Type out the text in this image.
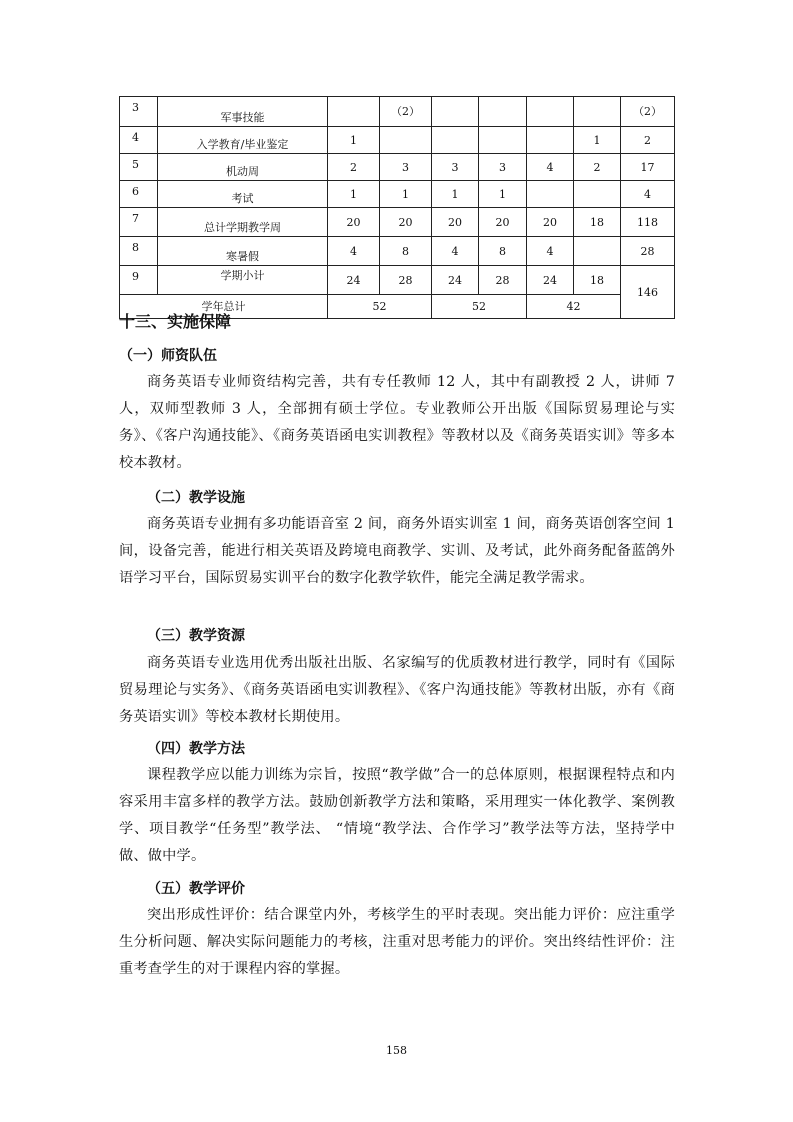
3	军事技能		（2）					（2）
4	入学教育/毕业鉴定	1					1	2
5	机动周	2	3	3	3	4	2	17
6	考试	1	1	1	1			4
7	总计学期教学周	20	20	20	20	20	18	118
8	寒暑假	4	8	4	8	4		28
9	学期小计	24	28	24	28	24	18	146
学年总计		52		52		42		
十三、实施保障
（一）师资队伍

商务英语专业师资结构完善，共有专任教师 12 人，其中有副教授 2 人，讲师 7 人，双师型教师 3 人，全部拥有硕士学位。专业教师公开出版《国际贸易理论与实务》、《客户沟通技能》、《商务英语函电实训教程》等教材以及《商务英语实训》等多本校本教材。

（二）教学设施

商务英语专业拥有多功能语音室 2 间，商务外语实训室 1 间，商务英语创客空间 1 间，设备完善，能进行相关英语及跨境电商教学、实训、及考试，此外商务配备蓝鸽外语学习平台，国际贸易实训平台的数字化教学软件，能完全满足教学需求。

（三）教学资源

商务英语专业选用优秀出版社出版、名家编写的优质教材进行教学，同时有《国际贸易理论与实务》、《商务英语函电实训教程》、《客户沟通技能》等教材出版，亦有《商务英语实训》等校本教材长期使用。

（四）教学方法

课程教学应以能力训练为宗旨，按照“教学做”合一的总体原则，根据课程特点和内容采用丰富多样的教学方法。鼓励创新教学方法和策略，采用理实一体化教学、案例教学、项目教学“任务型”教学法、 “情境“教学法、合作学习”教学法等方法，坚持学中做、做中学。

（五）教学评价

突出形成性评价：结合课堂内外，考核学生的平时表现。突出能力评价：应注重学生分析问题、解决实际问题能力的考核，注重对思考能力的评价。突出终结性评价：注重考查学生的对于课程内容的掌握。

158
